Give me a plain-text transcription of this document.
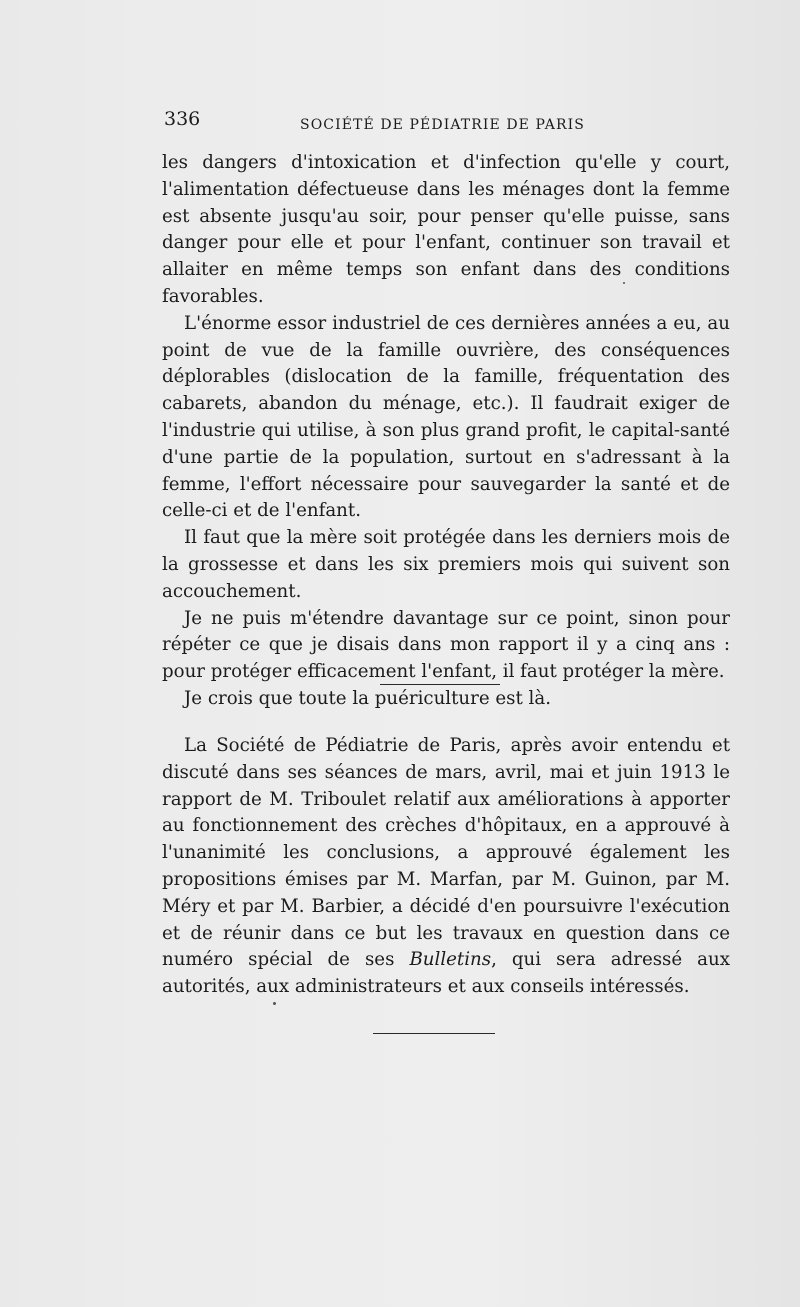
336	SOCIÉTÉ DE PÉDIATRIE DE PARIS

les dangers d'intoxication et d'infection qu'elle y court, l'alimentation défectueuse dans les ménages dont la femme est absente jusqu'au soir, pour penser qu'elle puisse, sans danger pour elle et pour l'enfant, continuer son travail et allaiter en même temps son enfant dans des conditions favorables.

L'énorme essor industriel de ces dernières années a eu, au point de vue de la famille ouvrière, des conséquences déplorables (dislocation de la famille, fréquentation des cabarets, abandon du ménage, etc.). Il faudrait exiger de l'industrie qui utilise, à son plus grand profit, le capital-santé d'une partie de la population, surtout en s'adressant à la femme, l'effort nécessaire pour sauvegarder la santé et de celle-ci et de l'enfant.

Il faut que la mère soit protégée dans les derniers mois de la grossesse et dans les six premiers mois qui suivent son accouchement.

Je ne puis m'étendre davantage sur ce point, sinon pour répéter ce que je disais dans mon rapport il y a cinq ans : pour protéger efficacement l'enfant, il faut protéger la mère.

Je crois que toute la puériculture est là.

La Société de Pédiatrie de Paris, après avoir entendu et discuté dans ses séances de mars, avril, mai et juin 1913 le rapport de M. Triboulet relatif aux améliorations à apporter au fonctionnement des crèches d'hôpitaux, en a approuvé à l'unanimité les conclusions, a approuvé également les propositions émises par M. Marfan, par M. Guinon, par M. Méry et par M. Barbier, a décidé d'en poursuivre l'exécution et de réunir dans ce but les travaux en question dans ce numéro spécial de ses Bulletins, qui sera adressé aux autorités, aux administrateurs et aux conseils intéressés.
